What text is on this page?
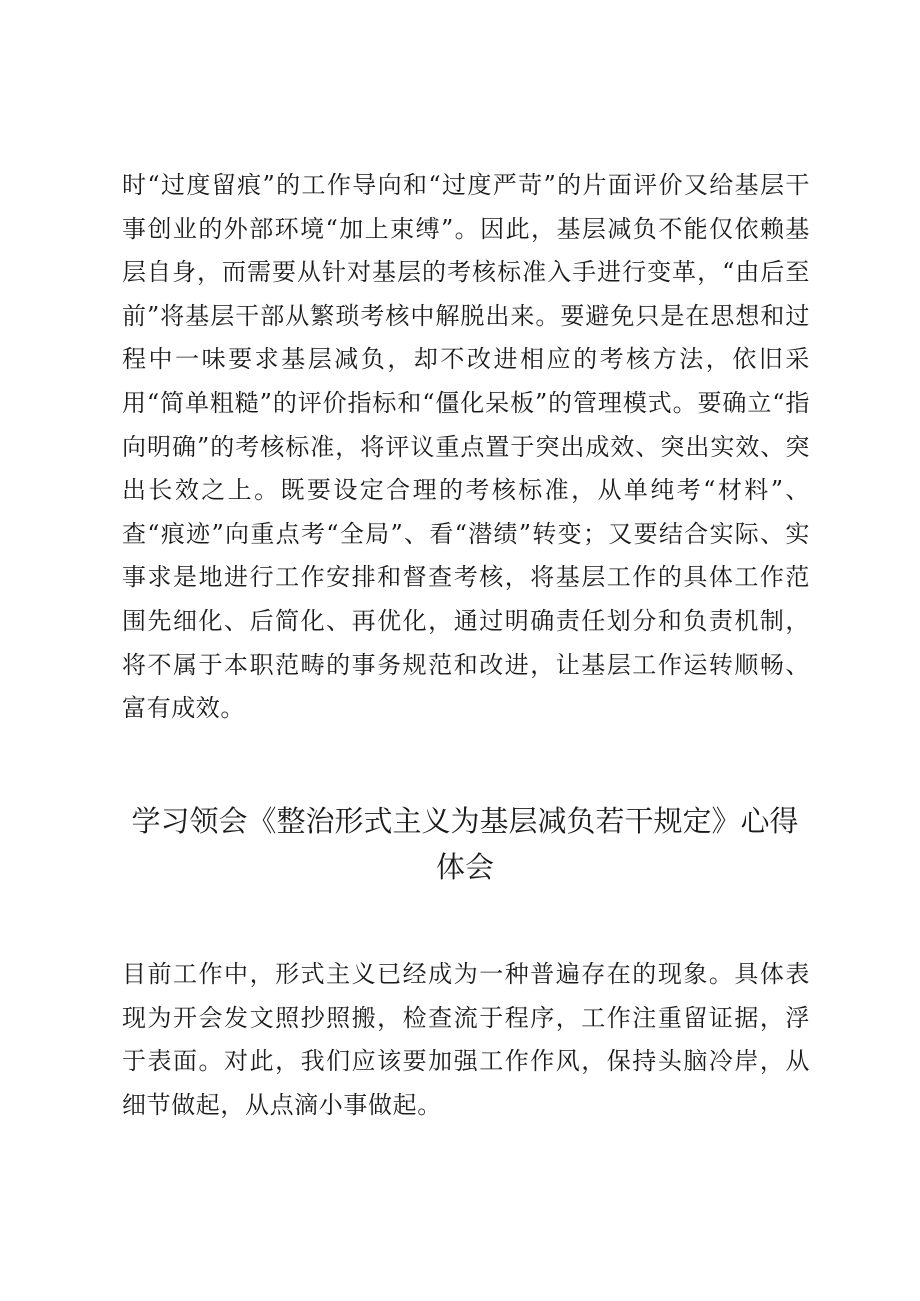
时“过度留痕”的工作导向和“过度严苛”的片面评价又给基层干事创业的外部环境“加上束缚”。因此，基层减负不能仅依赖基层自身，而需要从针对基层的考核标准入手进行变革，“由后至前”将基层干部从繁琐考核中解脱出来。要避免只是在思想和过程中一味要求基层减负，却不改进相应的考核方法，依旧采用“简单粗糙”的评价指标和“僵化呆板”的管理模式。要确立“指向明确”的考核标准，将评议重点置于突出成效、突出实效、突出长效之上。既要设定合理的考核标准，从单纯考“材料”、查“痕迹”向重点考“全局”、看“潜绩”转变；又要结合实际、实事求是地进行工作安排和督查考核，将基层工作的具体工作范围先细化、后简化、再优化，通过明确责任划分和负责机制，将不属于本职范畴的事务规范和改进，让基层工作运转顺畅、富有成效。

学习领会《整治形式主义为基层减负若干规定》心得体会

目前工作中，形式主义已经成为一种普遍存在的现象。具体表现为开会发文照抄照搬，检查流于程序，工作注重留证据，浮于表面。对此，我们应该要加强工作作风，保持头脑冷岸，从细节做起，从点滴小事做起。
